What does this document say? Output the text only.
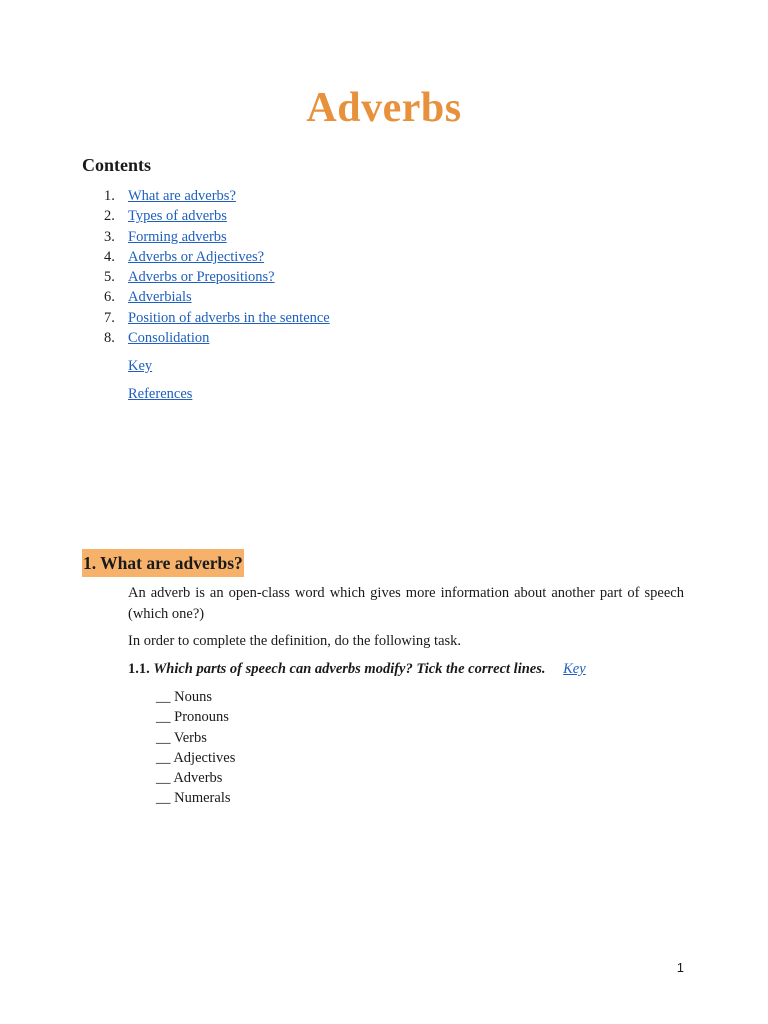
Adverbs
Contents
1. What are adverbs?
2. Types of adverbs
3. Forming adverbs
4. Adverbs or Adjectives?
5. Adverbs or Prepositions?
6. Adverbials
7. Position of adverbs in the sentence
8. Consolidation

Key

References

1. What are adverbs?

An adverb is an open-class word which gives more information about another part of speech (which one?)

In order to complete the definition, do the following task.

1.1. Which parts of speech can adverbs modify? Tick the correct lines. Key

__ Nouns
__ Pronouns
__ Verbs
__ Adjectives
__ Adverbs
__ Numerals
1
